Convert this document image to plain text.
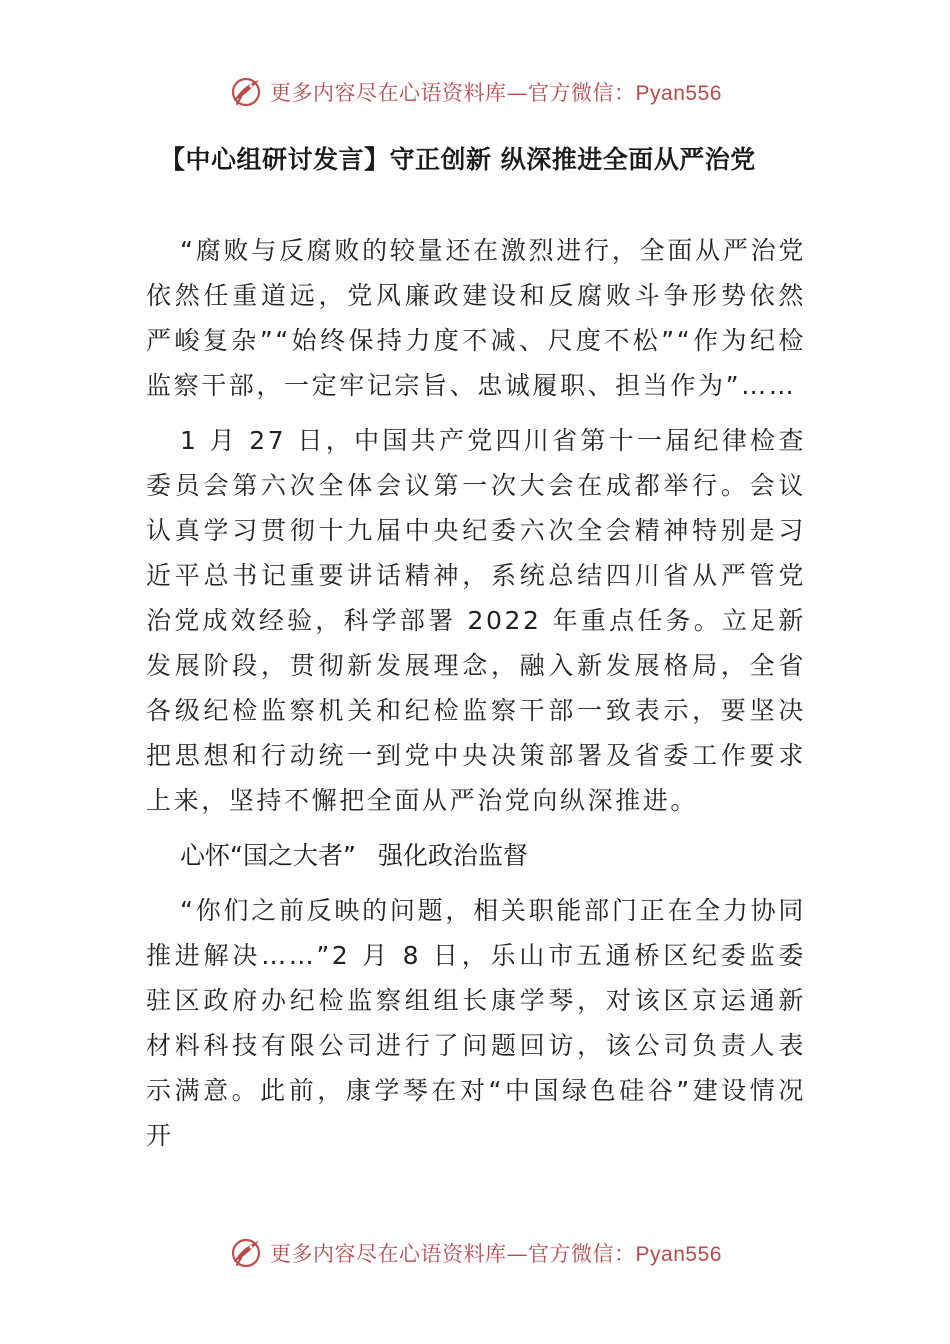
更多内容尽在心语资料库—官方微信：Pyan556
【中心组研讨发言】守正创新 纵深推进全面从严治党

“腐败与反腐败的较量还在激烈进行，全面从严治党依然任重道远，党风廉政建设和反腐败斗争形势依然严峻复杂”“始终保持力度不减、尺度不松”“作为纪检监察干部，一定牢记宗旨、忠诚履职、担当作为”……

1 月 27 日，中国共产党四川省第十一届纪律检查委员会第六次全体会议第一次大会在成都举行。会议认真学习贯彻十九届中央纪委六次全会精神特别是习近平总书记重要讲话精神，系统总结四川省从严管党治党成效经验，科学部署 2022 年重点任务。立足新发展阶段，贯彻新发展理念，融入新发展格局，全省各级纪检监察机关和纪检监察干部一致表示，要坚决把思想和行动统一到党中央决策部署及省委工作要求上来，坚持不懈把全面从严治党向纵深推进。

心怀“国之大者” 强化政治监督

“你们之前反映的问题，相关职能部门正在全力协同推进解决……”2 月 8 日，乐山市五通桥区纪委监委驻区政府办纪检监察组组长康学琴，对该区京运通新材料科技有限公司进行了问题回访，该公司负责人表示满意。此前，康学琴在对“中国绿色硅谷”建设情况开

更多内容尽在心语资料库—官方微信：Pyan556
